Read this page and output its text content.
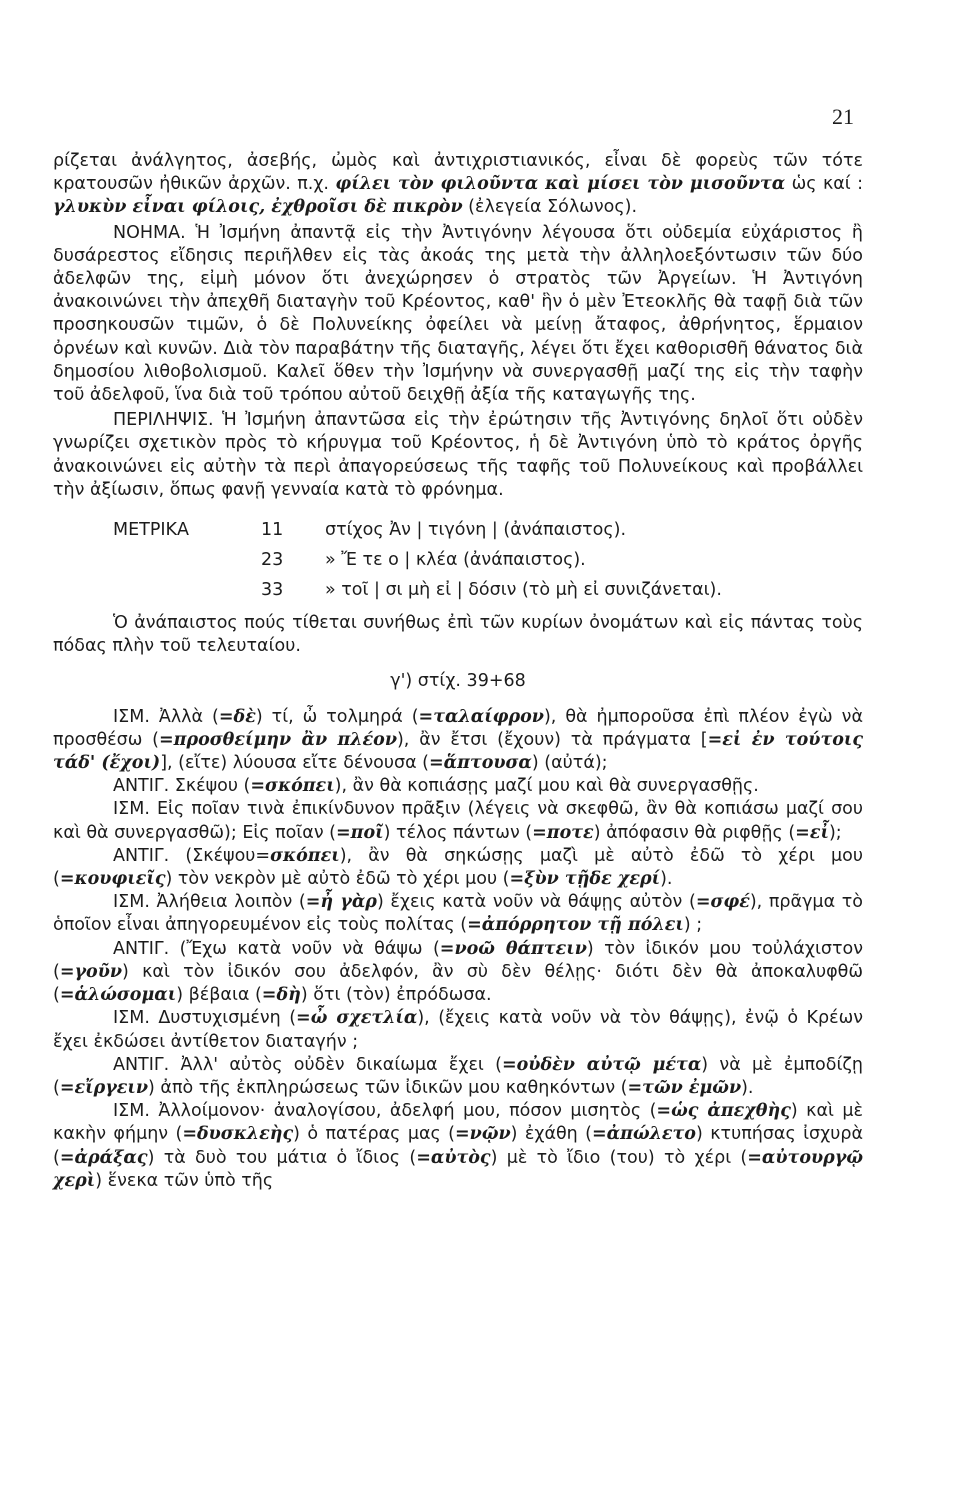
21

ρίζεται ἀνάλγητος, ἀσεβής, ὠμὸς καὶ ἀντιχριστιανικός, εἶναι δὲ φορεὺς τῶν τότε κρατουσῶν ἠθικῶν ἀρχῶν. π.χ. φίλει τὸν φιλοῦντα καὶ μίσει τὸν μισοῦντα ὡς καί : γλυκὺν εἶναι φίλοις, ἐχθροῖσι δὲ πικρὸν (ἐλεγεία Σόλωνος).

ΝΟΗΜΑ. Ἡ Ἰσμήνη ἀπαντᾷ εἰς τὴν Ἀντιγόνην λέγουσα ὅτι οὐδεμία εὐχάριστος ἢ δυσάρεστος εἴδησις περιῆλθεν εἰς τὰς ἀκοάς της μετὰ τὴν ἀλληλοεξόντωσιν τῶν δύο ἀδελφῶν της, εἰμὴ μόνον ὅτι ἀνεχώρησεν ὁ στρατὸς τῶν Ἀργείων. Ἡ Ἀντιγόνη ἀνακοινώνει τὴν ἀπεχθῆ διαταγὴν τοῦ Κρέοντος, καθ' ἣν ὁ μὲν Ἐτεοκλῆς θὰ ταφῇ διὰ τῶν προσηκουσῶν τιμῶν, ὁ δὲ Πολυνείκης ὀφείλει νὰ μείνῃ ἄταφος, ἀθρήνητος, ἕρμαιον ὀρνέων καὶ κυνῶν. Διὰ τὸν παραβάτην τῆς διαταγῆς, λέγει ὅτι ἔχει καθορισθῆ θάνατος διὰ δημοσίου λιθοβολισμοῦ. Καλεῖ ὅθεν τὴν Ἰσμήνην νὰ συνεργασθῇ μαζί της εἰς τὴν ταφὴν τοῦ ἀδελφοῦ, ἵνα διὰ τοῦ τρόπου αὐτοῦ δειχθῇ ἀξία τῆς καταγωγῆς της.

ΠΕΡΙΛΗΨΙΣ. Ἡ Ἰσμήνη ἀπαντῶσα εἰς τὴν ἐρώτησιν τῆς Ἀντιγόνης δηλοῖ ὅτι οὐδὲν γνωρίζει σχετικὸν πρὸς τὸ κήρυγμα τοῦ Κρέοντος, ἡ δὲ Ἀντιγόνη ὑπὸ τὸ κράτος ὀργῆς ἀνακοινώνει εἰς αὐτὴν τὰ περὶ ἀπαγορεύσεως τῆς ταφῆς τοῦ Πολυνείκους καὶ προβάλλει τὴν ἀξίωσιν, ὅπως φανῇ γενναία κατὰ τὸ φρόνημα.

ΜΕΤΡΙΚΑ	11	στίχος Ἀν | τιγόνη | (ἀνάπαιστος).
23	» Ἔ τε ο | κλέα (ἀνάπαιστος).
33	» τοῖ | σι μὴ εἰ | δόσιν (τὸ μὴ εἰ συνιζάνεται).

Ὁ ἀνάπαιστος πούς τίθεται συνήθως ἐπὶ τῶν κυρίων ὀνομάτων καὶ εἰς πάντας τοὺς πόδας πλὴν τοῦ τελευταίου.

γ') στίχ. 39+68

ΙΣΜ. Ἀλλὰ (=δὲ) τί, ὦ τολμηρά (=ταλαίφρον), θὰ ἠμποροῦσα ἐπὶ πλέον ἐγὼ νὰ προσθέσω (=προσθείμην ἂν πλέον), ἂν ἔτσι (ἔχουν) τὰ πράγματα [=εἰ ἐν τούτοις τάδ' (ἔχοι)], (εἴτε) λύουσα εἴτε δένουσα (=ἅπτουσα) (αὐτά);

ΑΝΤΙΓ. Σκέψου (=σκόπει), ἂν θὰ κοπιάσῃς μαζί μου καὶ θὰ συνεργασθῇς.

ΙΣΜ. Εἰς ποῖαν τινὰ ἐπικίνδυνον πρᾶξιν (λέγεις νὰ σκεφθῶ, ἂν θὰ κοπιάσω μαζί σου καὶ θὰ συνεργασθῶ); Εἰς ποῖαν (=ποῖ) τέλος πάντων (=ποτε) ἀπόφασιν θὰ ριφθῇς (=εἶ);

ΑΝΤΙΓ. (Σκέψου=σκόπει), ἂν θὰ σηκώσῃς μαζὶ μὲ αὐτὸ ἐδῶ τὸ χέρι μου (=κουφιεῖς) τὸν νεκρὸν μὲ αὐτὸ ἐδῶ τὸ χέρι μου (=ξὺν τῇδε χερί).

ΙΣΜ. Ἀλήθεια λοιπὸν (=ἦ γὰρ) ἔχεις κατὰ νοῦν νὰ θάψῃς αὐτὸν (=σφέ), πρᾶγμα τὸ ὁποῖον εἶναι ἀπηγορευμένον εἰς τοὺς πολίτας (=ἀπόρρητον τῇ πόλει) ;

ΑΝΤΙΓ. (Ἔχω κατὰ νοῦν νὰ θάψω (=νοῶ θάπτειν) τὸν ἰδικόν μου τοὐλάχιστον (=γοῦν) καὶ τὸν ἰδικόν σου ἀδελφόν, ἂν σὺ δὲν θέλῃς· διότι δὲν θὰ ἀποκαλυφθῶ (=ἁλώσομαι) βέβαια (=δὴ) ὅτι (τὸν) ἐπρόδωσα.

ΙΣΜ. Δυστυχισμένη (=ὦ σχετλία), (ἔχεις κατὰ νοῦν νὰ τὸν θάψῃς), ἐνῷ ὁ Κρέων ἔχει ἐκδώσει ἀντίθετον διαταγήν ;

ΑΝΤΙΓ. Ἀλλ' αὐτὸς οὐδὲν δικαίωμα ἔχει (=οὐδὲν αὐτῷ μέτα) νὰ μὲ ἐμποδίζῃ (=εἴργειν) ἀπὸ τῆς ἐκπληρώσεως τῶν ἰδικῶν μου καθηκόντων (=τῶν ἐμῶν).

ΙΣΜ. Ἀλλοίμονον· ἀναλογίσου, ἀδελφή μου, πόσον μισητὸς (=ὡς ἀπεχθὴς) καὶ μὲ κακὴν φήμην (=δυσκλεὴς) ὁ πατέρας μας (=νῷν) ἐχάθη (=ἀπώλετο) κτυπήσας ἰσχυρὰ (=ἀράξας) τὰ δυὸ του μάτια ὁ ἴδιος (=αὐτὸς) μὲ τὸ ἴδιο (του) τὸ χέρι (=αὐτουργῷ χερὶ) ἕνεκα τῶν ὑπὸ τῆς
